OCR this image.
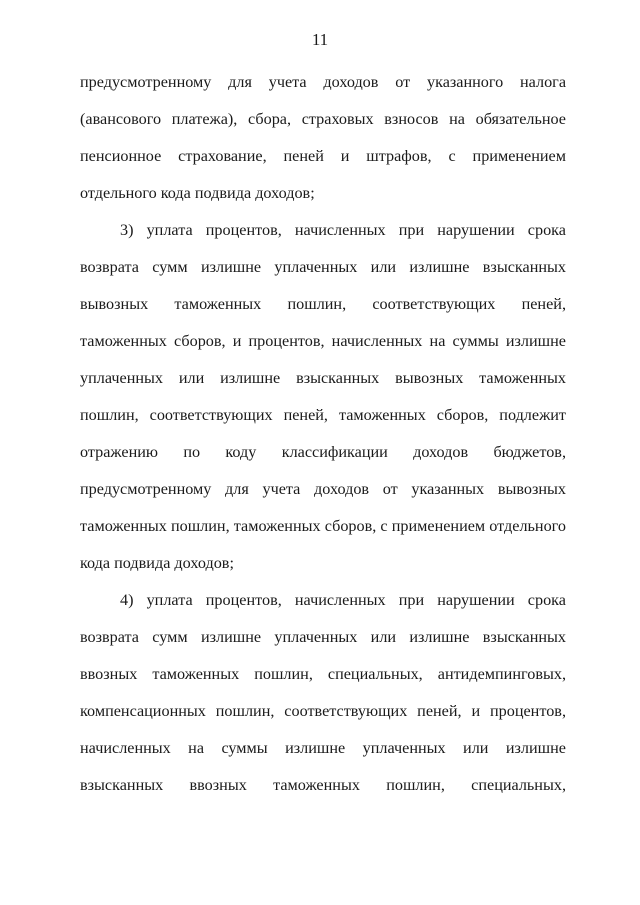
11
предусмотренному для учета доходов от указанного налога
(авансового платежа), сбора, страховых взносов на обязательное
пенсионное страхование, пеней и штрафов, с применением
отдельного кода подвида доходов;
3) уплата процентов, начисленных при нарушении срока
возврата сумм излишне уплаченных или излишне взысканных
вывозных таможенных пошлин, соответствующих пеней,
таможенных сборов, и процентов, начисленных на суммы излишне
уплаченных или излишне взысканных вывозных таможенных
пошлин, соответствующих пеней, таможенных сборов, подлежит
отражению по коду классификации доходов бюджетов,
предусмотренному для учета доходов от указанных вывозных
таможенных пошлин, таможенных сборов, с применением отдельного
кода подвида доходов;
4) уплата процентов, начисленных при нарушении срока
возврата сумм излишне уплаченных или излишне взысканных
ввозных таможенных пошлин, специальных, антидемпинговых,
компенсационных пошлин, соответствующих пеней, и процентов,
начисленных на суммы излишне уплаченных или излишне
взысканных ввозных таможенных пошлин, специальных,
